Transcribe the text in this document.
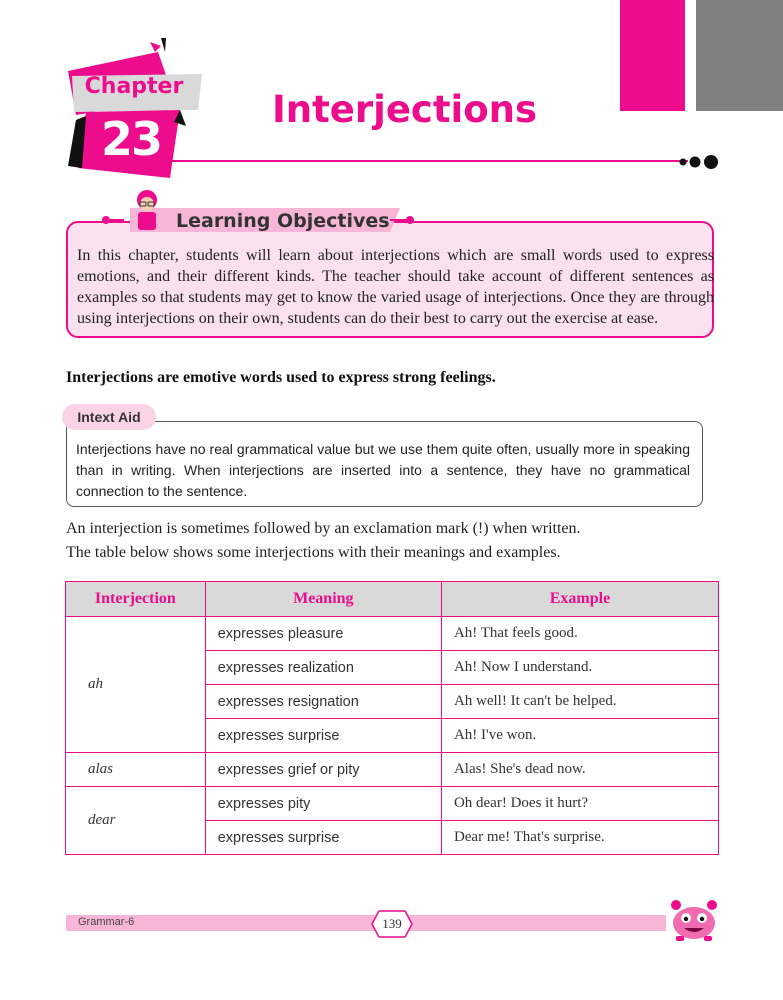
Chapter
23
Interjections
Learning Objectives
In this chapter, students will learn about interjections which are small words used to express emotions, and their different kinds. The teacher should take account of different sentences as examples so that students may get to know the varied usage of interjections. Once they are through using interjections on their own, students can do their best to carry out the exercise at ease.
Interjections are emotive words used to express strong feelings.
Intext Aid
Interjections have no real grammatical value but we use them quite often, usually more in speaking than in writing. When interjections are inserted into a sentence, they have no grammatical connection to the sentence.
An interjection is sometimes followed by an exclamation mark (!) when written.
The table below shows some interjections with their meanings and examples.
Interjection	Meaning	Example
ah	expresses pleasure	Ah! That feels good.
	expresses realization	Ah! Now I understand.
	expresses resignation	Ah well! It can't be helped.
	expresses surprise	Ah! I've won.
alas	expresses grief or pity	Alas! She's dead now.
dear	expresses pity	Oh dear! Does it hurt?
	expresses surprise	Dear me! That's surprise.
Grammar-6	139
